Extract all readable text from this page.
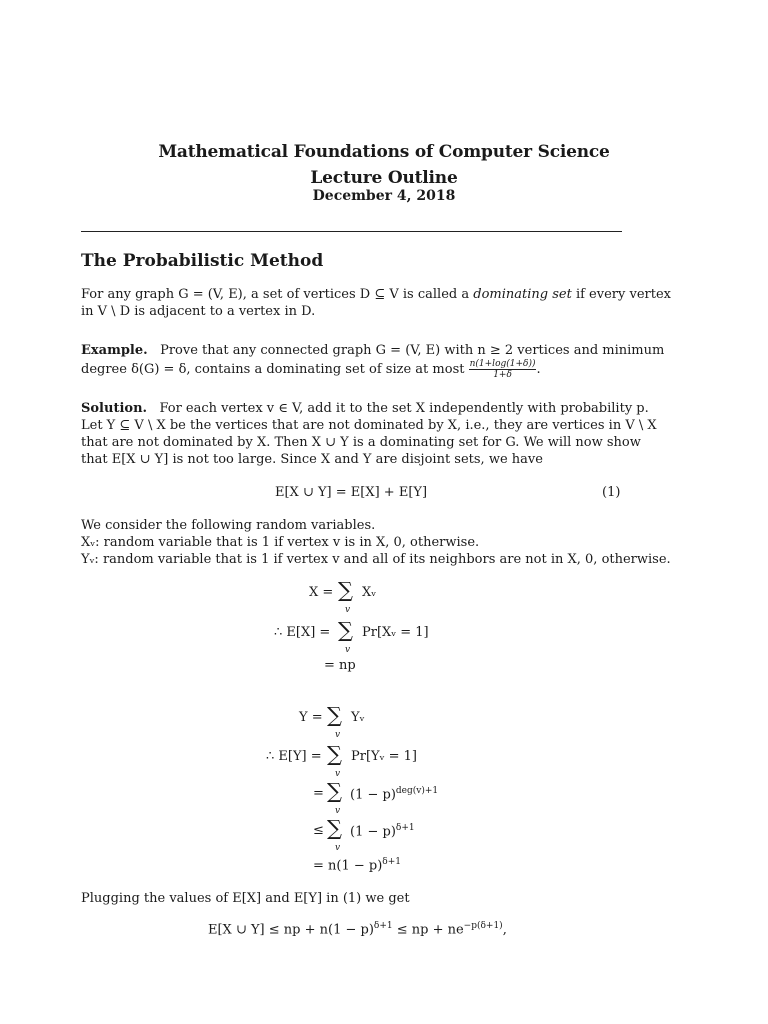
Mathematical Foundations of Computer Science
Lecture Outline
December 4, 2018
The Probabilistic Method
For any graph G = (V, E), a set of vertices D ⊆ V is called a dominating set if every vertex
in V \ D is adjacent to a vertex in D.
Example. Prove that any connected graph G = (V, E) with n ≥ 2 vertices and minimum
degree δ(G) = δ, contains a dominating set of size at most $\frac{n(1+\log(1+\delta))}{1+\delta}$ .
Solution. For each vertex v ∈ V, add it to the set X independently with probability p.
Let Y ⊆ V \ X be the vertices that are not dominated by X, i.e., they are vertices in V \ X
that are not dominated by X. Then X ∪ Y is a dominating set for G. We will now show
that E[X ∪ Y] is not too large. Since X and Y are disjoint sets, we have
E[X ∪ Y] = E[X] + E[Y]	(1)
We consider the following random variables.
Xᵥ: random variable that is 1 if vertex v is in X, 0, otherwise.
Yᵥ: random variable that is 1 if vertex v and all of its neighbors are not in X, 0, otherwise.
X = ∑
v
Xᵥ
∴ E[X] = ∑
v
Pr[Xᵥ = 1]
= np
Y = ∑
v
Yᵥ
∴ E[Y] = ∑
v
Pr[Yᵥ = 1]
= ∑
v
$(1 - p)^{deg(v)+1}$
≤ ∑
v
$(1 - p)^{\delta+1}$
= $n(1 - p)^{\delta+1}$
Plugging the values of E[X] and E[Y] in (1) we get
E[X ∪ Y] ≤ np + $n(1 - p)^{\delta+1}$ ≤ np + $ne^{-p(\delta+1)}$,
